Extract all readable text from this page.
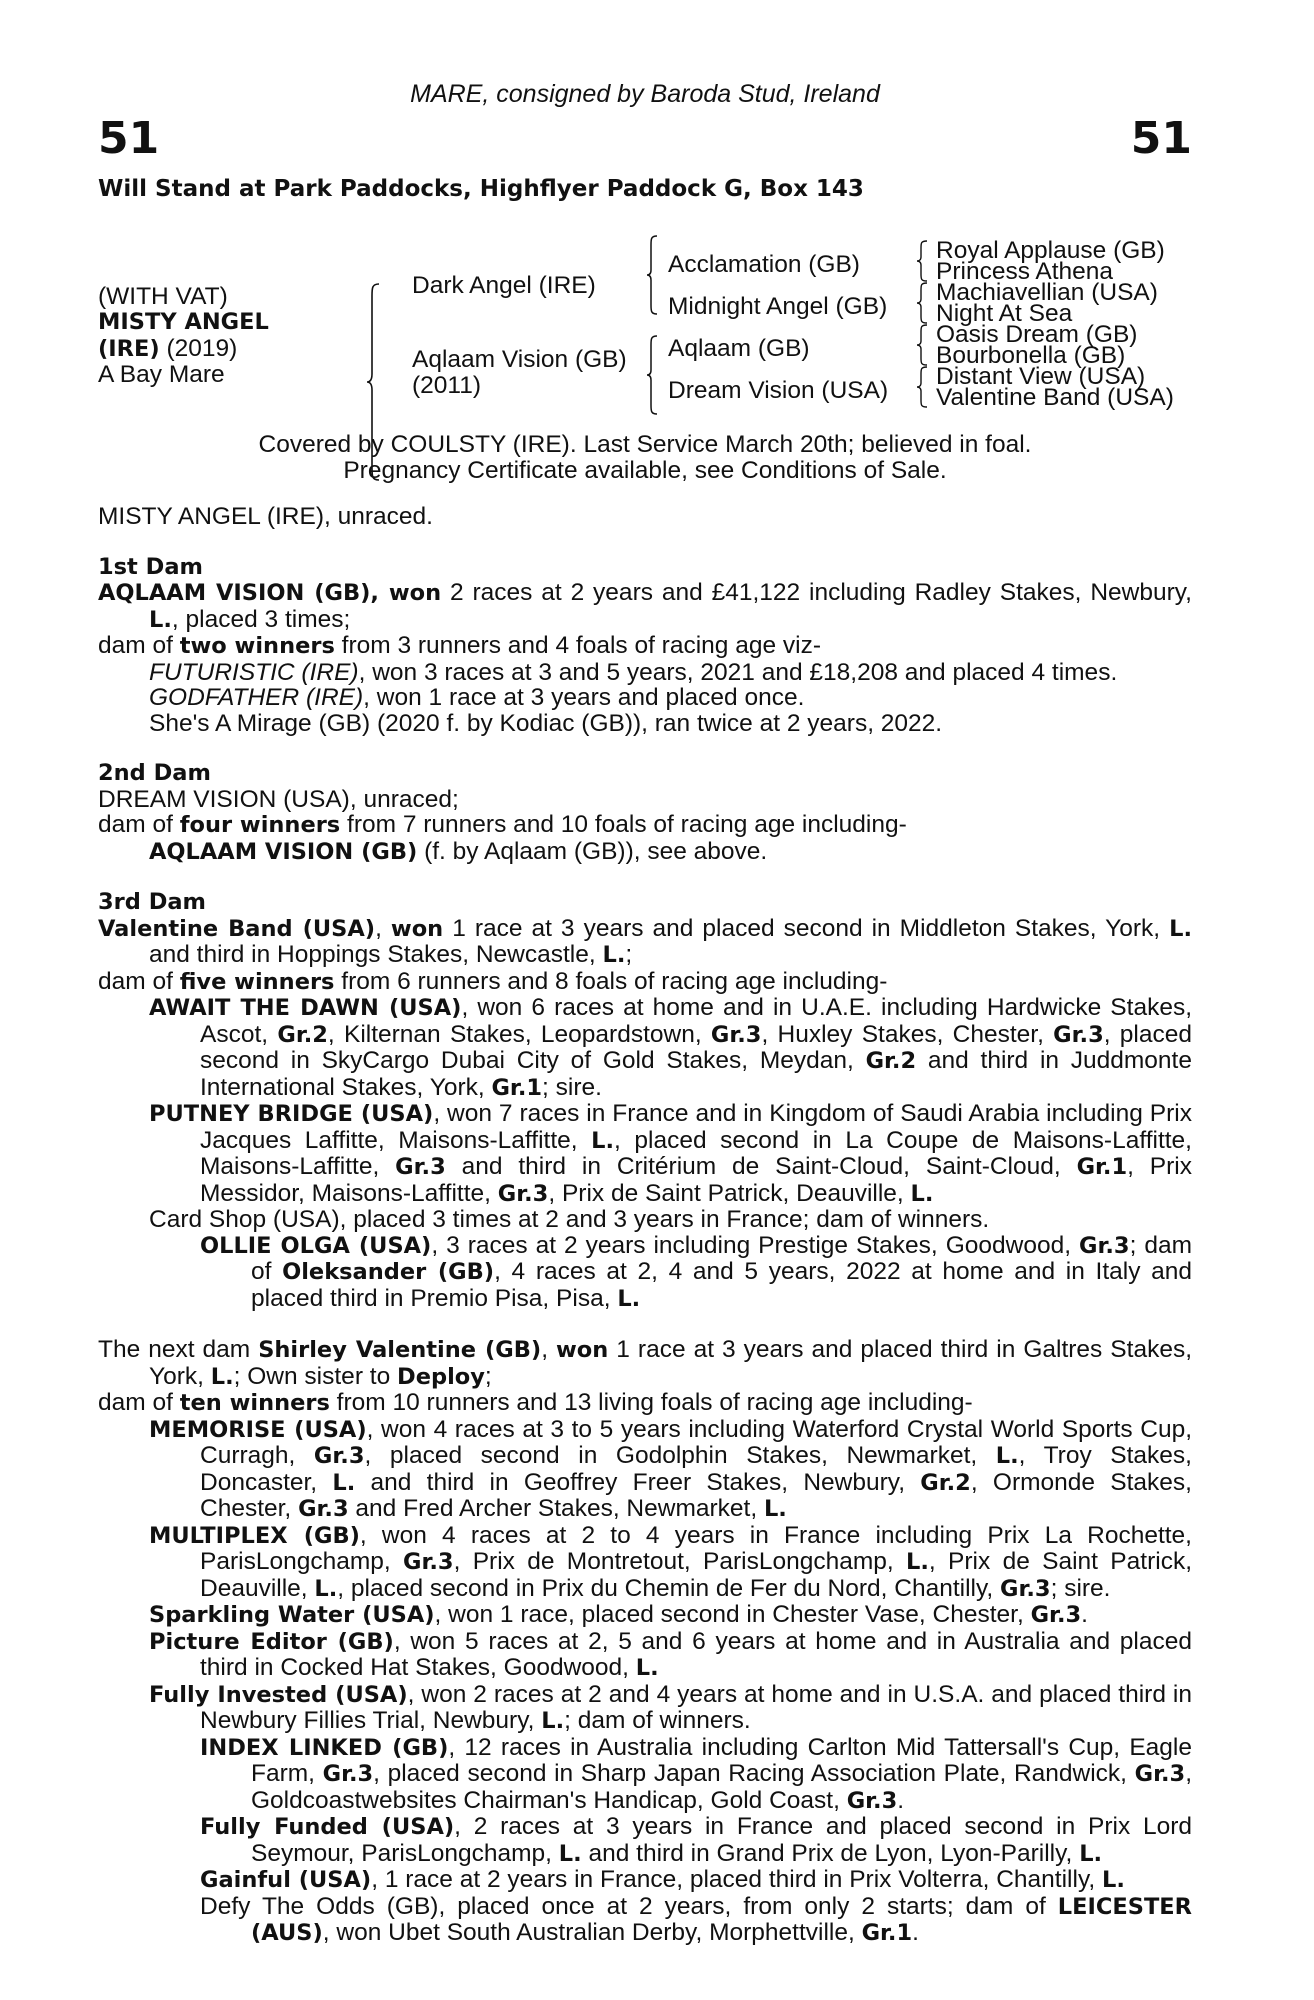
MARE, consigned by Baroda Stud, Ireland
51	51
Will Stand at Park Paddocks, Highflyer Paddock G, Box 143
(WITH VAT)
MISTY ANGEL
(IRE) (2019)
A Bay Mare
Dark Angel (IRE)
Aqlaam Vision (GB)
(2011)
Acclamation (GB)
Midnight Angel (GB)
Aqlaam (GB)
Dream Vision (USA)
Royal Applause (GB)
Princess Athena
Machiavellian (USA)
Night At Sea
Oasis Dream (GB)
Bourbonella (GB)
Distant View (USA)
Valentine Band (USA)
Covered by COULSTY (IRE). Last Service March 20th; believed in foal.
Pregnancy Certificate available, see Conditions of Sale.

MISTY ANGEL (IRE), unraced.

1st Dam

AQLAAM VISION (GB), won 2 races at 2 years and £41,122 including Radley Stakes, Newbury, L., placed 3 times;

dam of two winners from 3 runners and 4 foals of racing age viz-

FUTURISTIC (IRE), won 3 races at 3 and 5 years, 2021 and £18,208 and placed 4 times.

GODFATHER (IRE), won 1 race at 3 years and placed once.

She's A Mirage (GB) (2020 f. by Kodiac (GB)), ran twice at 2 years, 2022.

2nd Dam

DREAM VISION (USA), unraced;

dam of four winners from 7 runners and 10 foals of racing age including-

AQLAAM VISION (GB) (f. by Aqlaam (GB)), see above.

3rd Dam

Valentine Band (USA), won 1 race at 3 years and placed second in Middleton Stakes, York, L. and third in Hoppings Stakes, Newcastle, L.;

dam of five winners from 6 runners and 8 foals of racing age including-

AWAIT THE DAWN (USA), won 6 races at home and in U.A.E. including Hardwicke Stakes, Ascot, Gr.2, Kilternan Stakes, Leopardstown, Gr.3, Huxley Stakes, Chester, Gr.3, placed second in SkyCargo Dubai City of Gold Stakes, Meydan, Gr.2 and third in Juddmonte International Stakes, York, Gr.1; sire.

PUTNEY BRIDGE (USA), won 7 races in France and in Kingdom of Saudi Arabia including Prix Jacques Laffitte, Maisons-Laffitte, L., placed second in La Coupe de Maisons-Laffitte, Maisons-Laffitte, Gr.3 and third in Critérium de Saint-Cloud, Saint-Cloud, Gr.1, Prix Messidor, Maisons-Laffitte, Gr.3, Prix de Saint Patrick, Deauville, L.

Card Shop (USA), placed 3 times at 2 and 3 years in France; dam of winners.

OLLIE OLGA (USA), 3 races at 2 years including Prestige Stakes, Goodwood, Gr.3; dam of Oleksander (GB), 4 races at 2, 4 and 5 years, 2022 at home and in Italy and placed third in Premio Pisa, Pisa, L.

The next dam Shirley Valentine (GB), won 1 race at 3 years and placed third in Galtres Stakes, York, L.; Own sister to Deploy;

dam of ten winners from 10 runners and 13 living foals of racing age including-

MEMORISE (USA), won 4 races at 3 to 5 years including Waterford Crystal World Sports Cup, Curragh, Gr.3, placed second in Godolphin Stakes, Newmarket, L., Troy Stakes, Doncaster, L. and third in Geoffrey Freer Stakes, Newbury, Gr.2, Ormonde Stakes, Chester, Gr.3 and Fred Archer Stakes, Newmarket, L.

MULTIPLEX (GB), won 4 races at 2 to 4 years in France including Prix La Rochette, ParisLongchamp, Gr.3, Prix de Montretout, ParisLongchamp, L., Prix de Saint Patrick, Deauville, L., placed second in Prix du Chemin de Fer du Nord, Chantilly, Gr.3; sire.

Sparkling Water (USA), won 1 race, placed second in Chester Vase, Chester, Gr.3.

Picture Editor (GB), won 5 races at 2, 5 and 6 years at home and in Australia and placed third in Cocked Hat Stakes, Goodwood, L.

Fully Invested (USA), won 2 races at 2 and 4 years at home and in U.S.A. and placed third in Newbury Fillies Trial, Newbury, L.; dam of winners.

INDEX LINKED (GB), 12 races in Australia including Carlton Mid Tattersall's Cup, Eagle Farm, Gr.3, placed second in Sharp Japan Racing Association Plate, Randwick, Gr.3, Goldcoastwebsites Chairman's Handicap, Gold Coast, Gr.3.

Fully Funded (USA), 2 races at 3 years in France and placed second in Prix Lord Seymour, ParisLongchamp, L. and third in Grand Prix de Lyon, Lyon-Parilly, L.

Gainful (USA), 1 race at 2 years in France, placed third in Prix Volterra, Chantilly, L.

Defy The Odds (GB), placed once at 2 years, from only 2 starts; dam of LEICESTER (AUS), won Ubet South Australian Derby, Morphettville, Gr.1.
